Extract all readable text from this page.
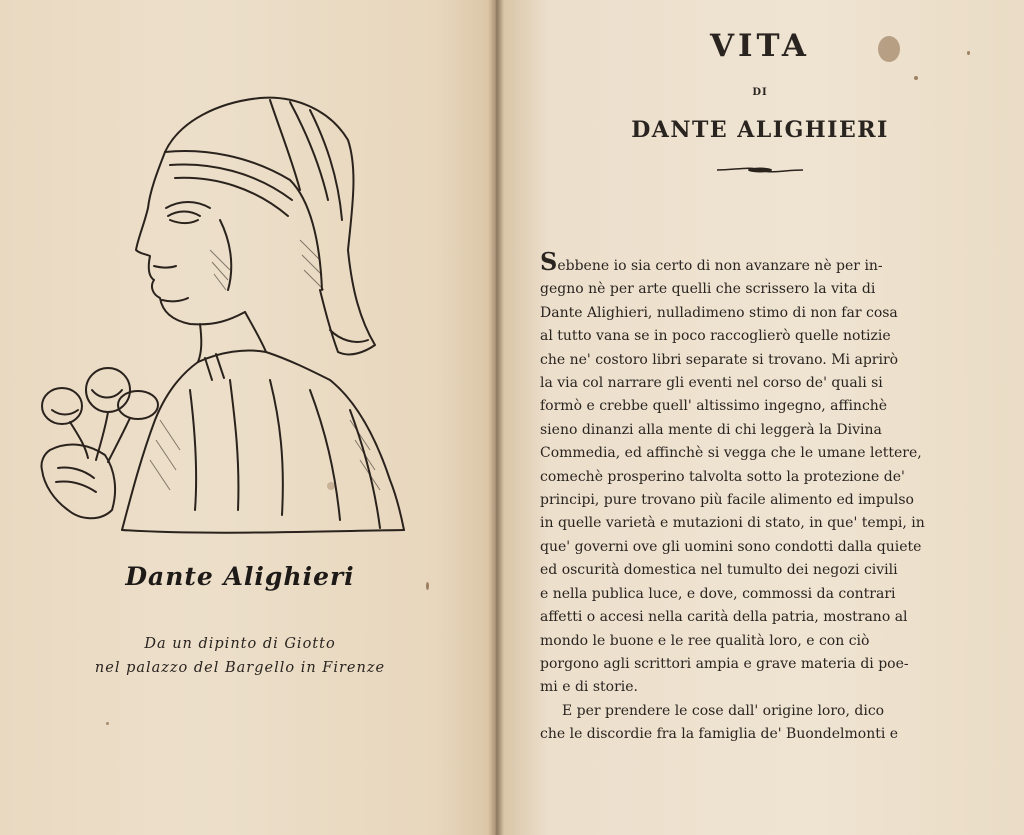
Dante Alighieri
Da un dipinto di Giotto
nel palazzo del Bargello in Firenze
VITA
DI
DANTE ALIGHIERI
Sebbene io sia certo di non avanzare nè per in-
gegno nè per arte quelli che scrissero la vita di
Dante Alighieri, nulladimeno stimo di non far cosa
al tutto vana se in poco raccoglierò quelle notizie
che ne' costoro libri separate si trovano. Mi aprirò
la via col narrare gli eventi nel corso de' quali si
formò e crebbe quell' altissimo ingegno, affinchè
sieno dinanzi alla mente di chi leggerà la Divina
Commedia, ed affinchè si vegga che le umane lettere,
comechè prosperino talvolta sotto la protezione de'
principi, pure trovano più facile alimento ed impulso
in quelle varietà e mutazioni di stato, in que' tempi, in
que' governi ove gli uomini sono condotti dalla quiete
ed oscurità domestica nel tumulto dei negozi civili
e nella publica luce, e dove, commossi da contrari
affetti o accesi nella carità della patria, mostrano al
mondo le buone e le ree qualità loro, e con ciò
porgono agli scrittori ampia e grave materia di poe-
mi e di storie.
E per prendere le cose dall' origine loro, dico
che le discordie fra la famiglia de' Buondelmonti e
